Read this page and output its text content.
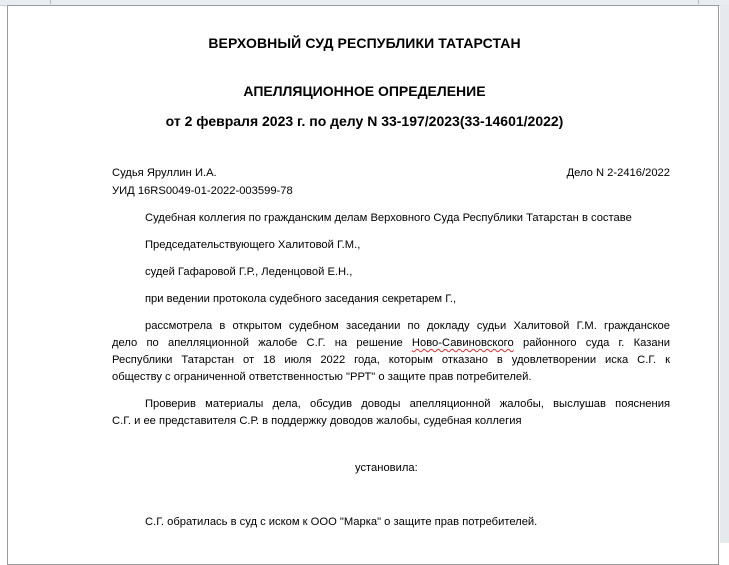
ВЕРХОВНЫЙ СУД РЕСПУБЛИКИ ТАТАРСТАН
АПЕЛЛЯЦИОННОЕ ОПРЕДЕЛЕНИЕ
от 2 февраля 2023 г. по делу N 33-197/2023(33-14601/2022)
Судья Яруллин И.А.	Дело N 2-2416/2022
УИД 16RS0049-01-2022-003599-78
Судебная коллегия по гражданским делам Верховного Суда Республики Татарстан в составе
Председательствующего Халитовой Г.М.,
судей Гафаровой Г.Р., Леденцовой Е.Н.,
при ведении протокола судебного заседания секретарем Г.,
рассмотрела в открытом судебном заседании по докладу судьи Халитовой Г.М. гражданское
дело по апелляционной жалобе С.Г. на решение Ново-Савиновского районного суда г. Казани
Республики Татарстан от 18 июля 2022 года, которым отказано в удовлетворении иска С.Г. к
обществу с ограниченной ответственностью "РРТ" о защите прав потребителей.
Проверив материалы дела, обсудив доводы апелляционной жалобы, выслушав пояснения
С.Г. и ее представителя С.Р. в поддержку доводов жалобы, судебная коллегия
установила:
С.Г. обратилась в суд с иском к ООО "Марка" о защите прав потребителей.
